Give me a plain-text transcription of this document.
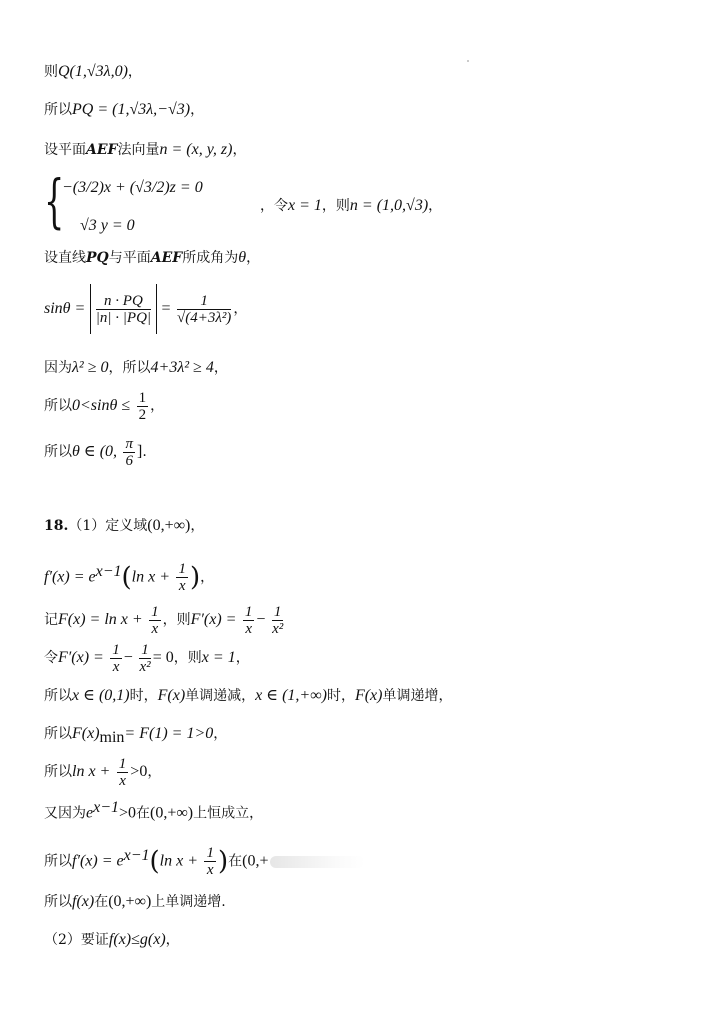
则Q(1,√3λ,0)，
所以PQ = (1,√3λ,−√3)，
设平面AEF法向量n = (x, y, z)，
{
−(3/2)x + (√3/2)z = 0
√3 y = 0
，令x = 1，则n = (1,0,√3)，
设直线PQ与平面AEF所成角为θ，
$\sin\theta = \frac{n \cdot PQ}{|n| \cdot |PQ|} = \frac{1}{\text{√(4+3λ²)}}$ ，
因为λ² ≥ 0，所以4+3λ² ≥ 4，
所以$0<\sin\theta \le \frac{1}{2}$ ，
所以θ ∈ (0, $\frac{\pi}{6}$ ].
18.（1）定义域(0,+∞)，
$f'(x) = e^{x-1}(\ln$ $x + \frac{1}{x}$ )，
记$F(x) = \ln x + \frac{1}{x}$ ，则$F'(x) = \frac{1}{x} - \frac{1}{\text{x²}}$
令$F'(x) = \frac{1}{x} - \frac{1}{\text{x²}} = 0$，则x = 1，
所以x ∈ (0,1)时，F(x)单调递减，x ∈ (1,+∞)时，F(x)单调递增，
所以$F(x)_{min}= F(1) = 1>0$，
所以$\ln x + \frac{1}{x} >0$，
又因为$e^{x-1}>0$在(0,+∞)上恒成立，
所以$f'(x) = e^{x-1}(\ln$ $x + \frac{1}{x}$ )在(0,+
所以f(x)在(0,+∞)上单调递增.
（2）要证f(x)≤g(x)，
